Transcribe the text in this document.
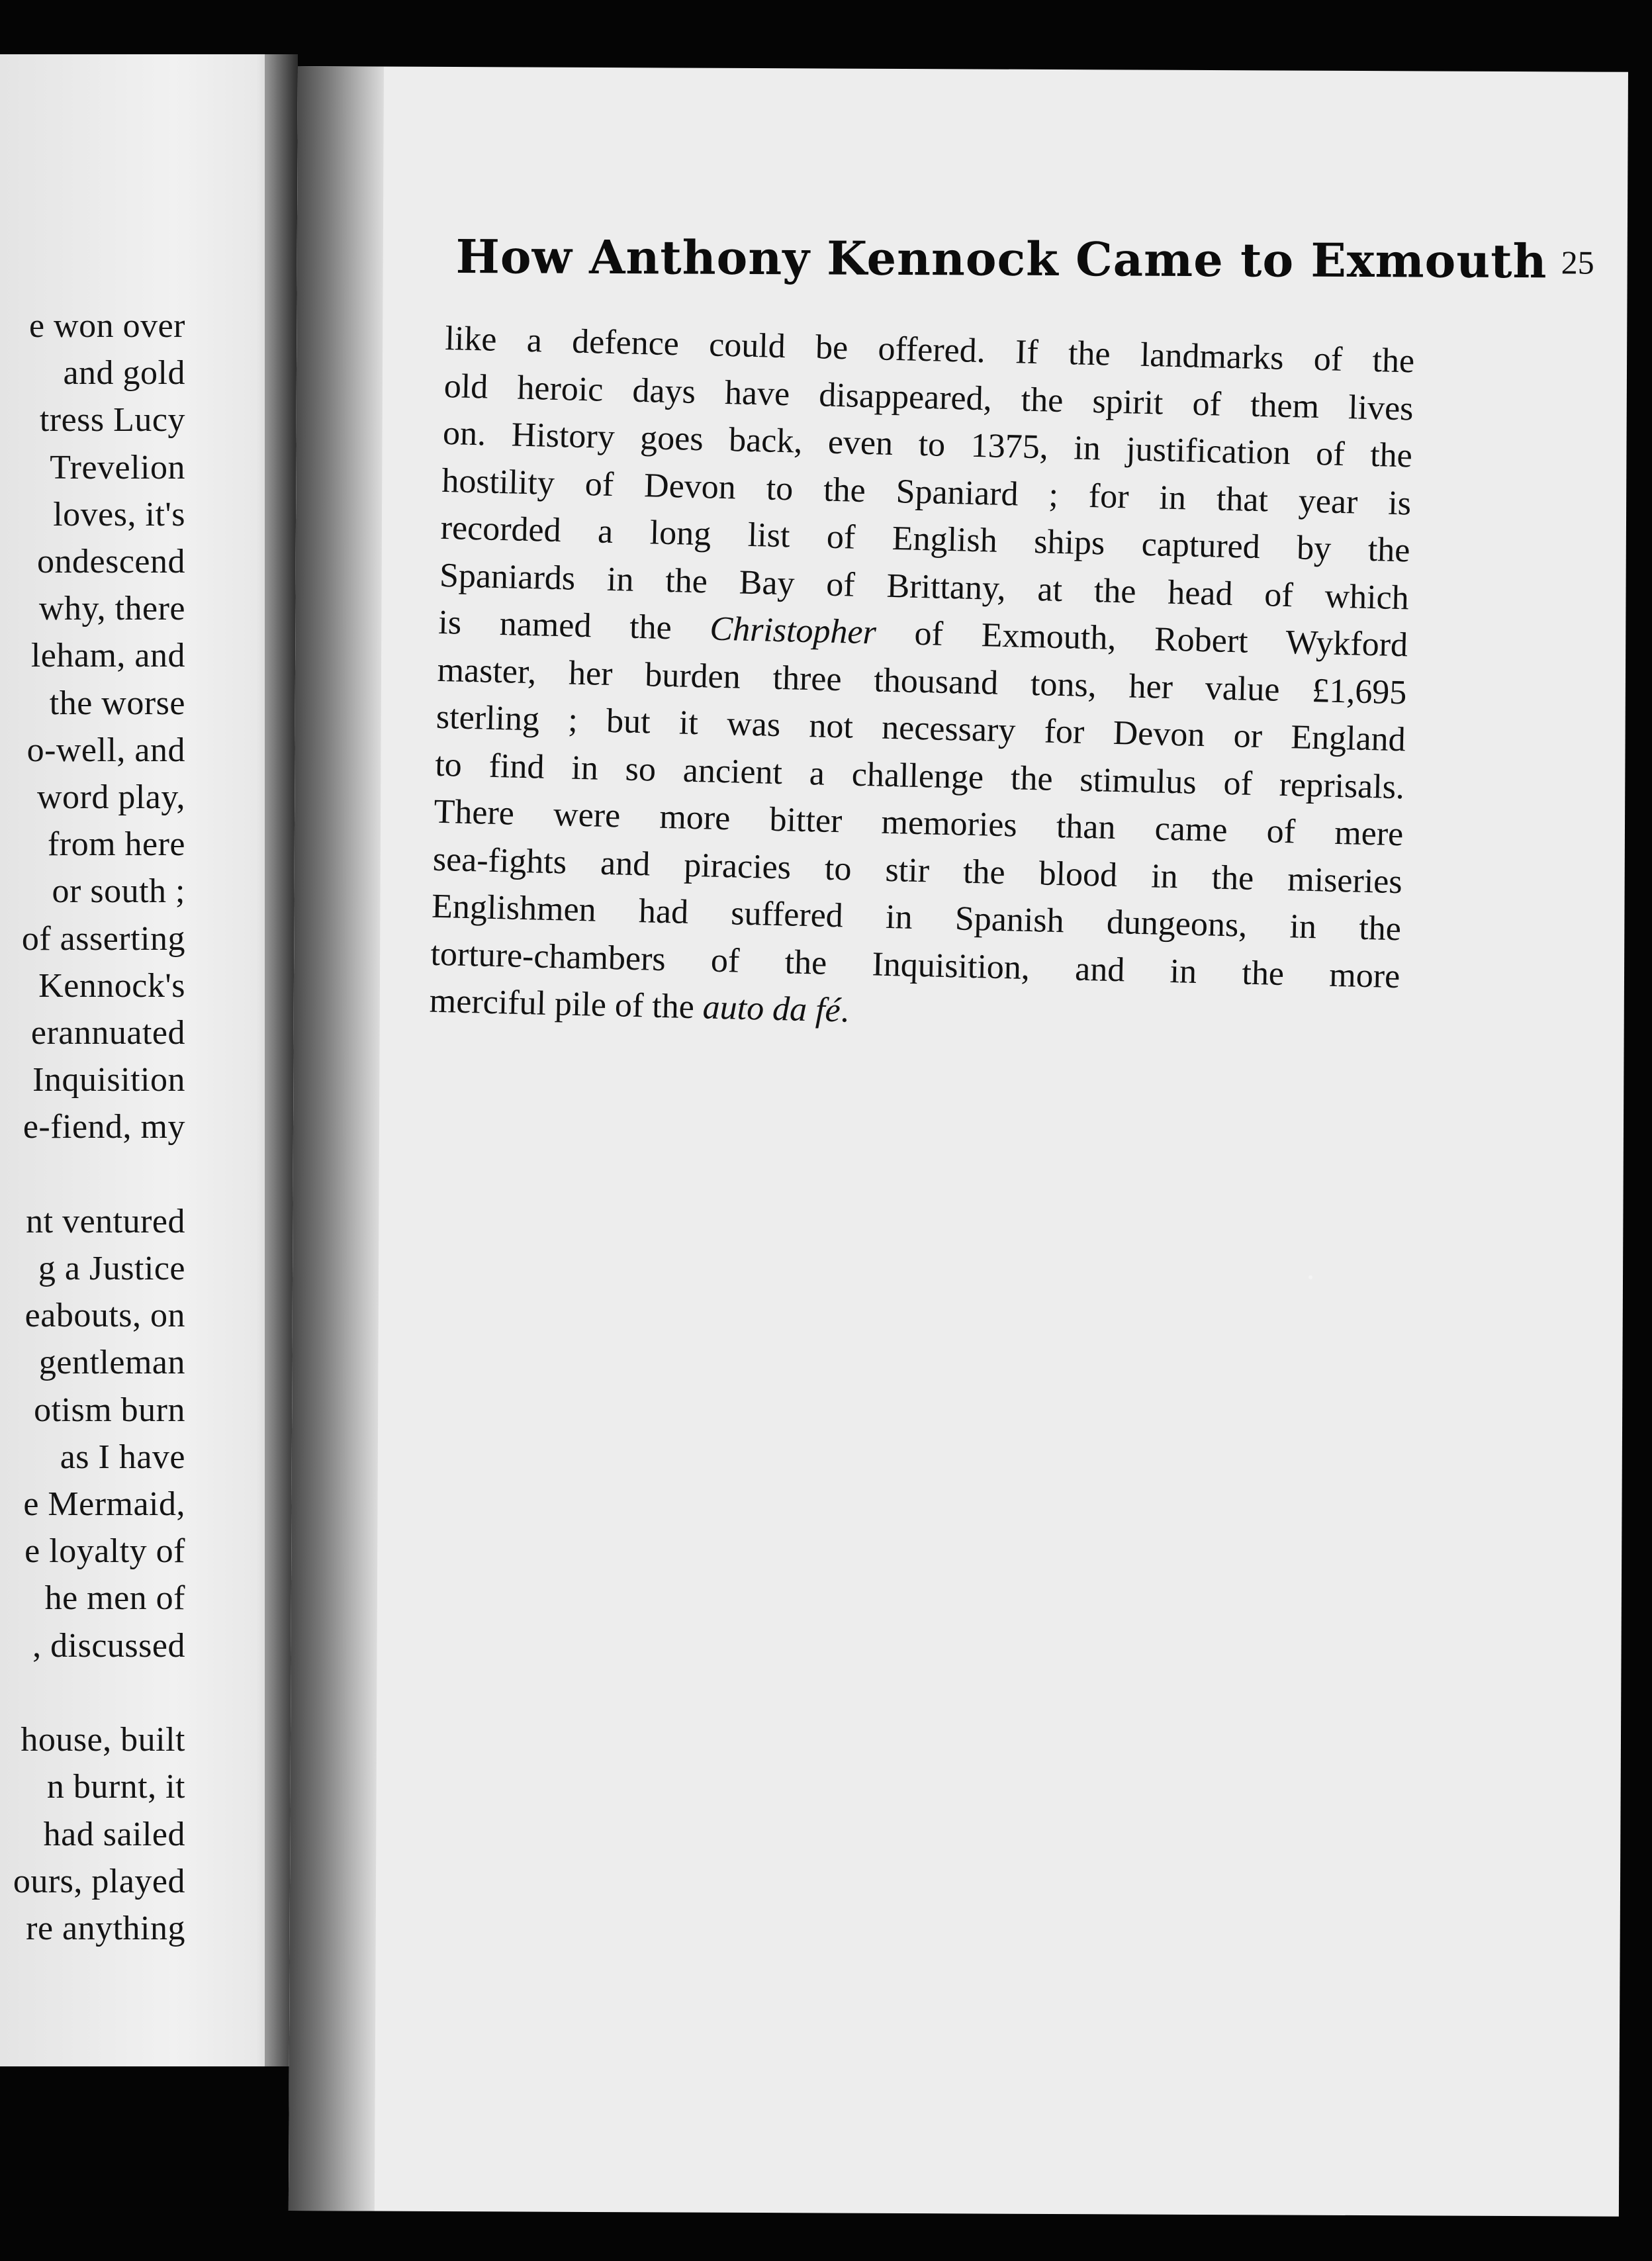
e won over
and gold
tress Lucy
Trevelion
loves, it's
ondescend
why, there
leham, and
the worse
o-well, and
word play,
from here
or south ;
of asserting
Kennock's
erannuated
Inquisition
e-fiend, my

nt ventured
g a Justice
eabouts, on
gentleman
otism burn
as I have
e Mermaid,
e loyalty of
he men of
, discussed

house, built
n burnt, it
had sailed
ours, played
re anything
How Anthony Kennock Came to Exmouth 25
like a defence could be offered. If the landmarks of the
old heroic days have disappeared, the spirit of them lives
on. History goes back, even to 1375, in justification of the
hostility of Devon to the Spaniard ; for in that year is
recorded a long list of English ships captured by the
Spaniards in the Bay of Brittany, at the head of which
is named the Christopher of Exmouth, Robert Wykford
master, her burden three thousand tons, her value £1,695
sterling ; but it was not necessary for Devon or England
to find in so ancient a challenge the stimulus of reprisals.
There were more bitter memories than came of mere
sea-fights and piracies to stir the blood in the miseries
Englishmen had suffered in Spanish dungeons, in the
torture-chambers of the Inquisition, and in the more
merciful pile of the auto da fé.
